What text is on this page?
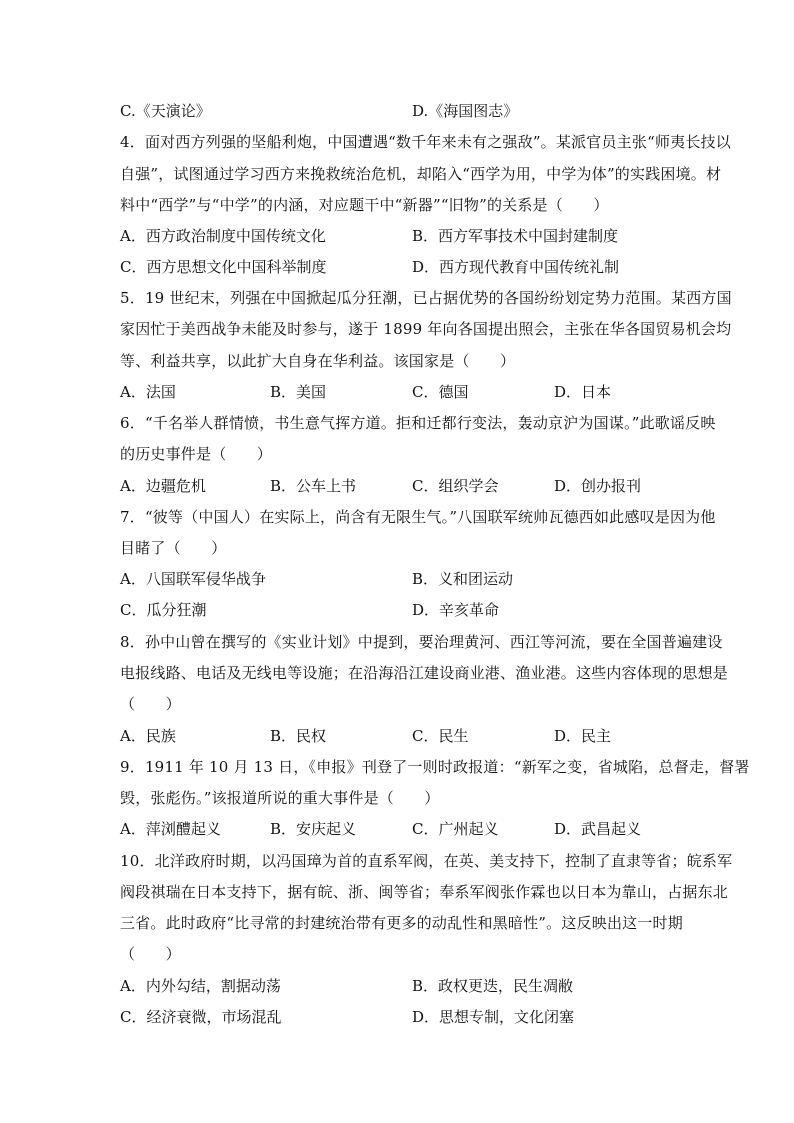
C.《天演论》	D.《海国图志》
4．面对西方列强的坚船利炮，中国遭遇“数千年来未有之强敌”。某派官员主张“师夷长技以
自强”，试图通过学习西方来挽救统治危机，却陷入“西学为用，中学为体”的实践困境。材
料中“西学”与“中学”的内涵，对应题干中“新器”“旧物”的关系是（　　）
A．西方政治制度中国传统文化	B．西方军事技术中国封建制度
C．西方思想文化中国科举制度	D．西方现代教育中国传统礼制
5．19 世纪末，列强在中国掀起瓜分狂潮，已占据优势的各国纷纷划定势力范围。某西方国
家因忙于美西战争未能及时参与，遂于 1899 年向各国提出照会，主张在华各国贸易机会均
等、利益共享，以此扩大自身在华利益。该国家是（　　）
A．法国	B．美国	C．德国	D．日本
6．“千名举人群情愤，书生意气挥方道。拒和迁都行变法，轰动京沪为国谋。”此歌谣反映
的历史事件是（　　）
A．边疆危机	B．公车上书	C．组织学会	D．创办报刊
7．“彼等（中国人）在实际上，尚含有无限生气。”八国联军统帅瓦德西如此感叹是因为他
目睹了（　　）
A．八国联军侵华战争	B．义和团运动
C．瓜分狂潮	D．辛亥革命
8．孙中山曾在撰写的《实业计划》中提到，要治理黄河、西江等河流，要在全国普遍建设
电报线路、电话及无线电等设施；在沿海沿江建设商业港、渔业港。这些内容体现的思想是
（　　）
A．民族	B．民权	C．民生	D．民主
9．1911 年 10 月 13 日，《申报》刊登了一则时政报道：“新军之变，省城陷，总督走，督署
毁，张彪伤。”该报道所说的重大事件是（　　）
A．萍浏醴起义	B．安庆起义	C．广州起义	D．武昌起义
10．北洋政府时期，以冯国璋为首的直系军阀，在英、美支持下，控制了直隶等省；皖系军
阀段祺瑞在日本支持下，据有皖、浙、闽等省；奉系军阀张作霖也以日本为靠山，占据东北
三省。此时政府“比寻常的封建统治带有更多的动乱性和黑暗性”。这反映出这一时期
（　　）
A．内外勾结，割据动荡	B．政权更迭，民生凋敝
C．经济衰微，市场混乱	D．思想专制，文化闭塞
